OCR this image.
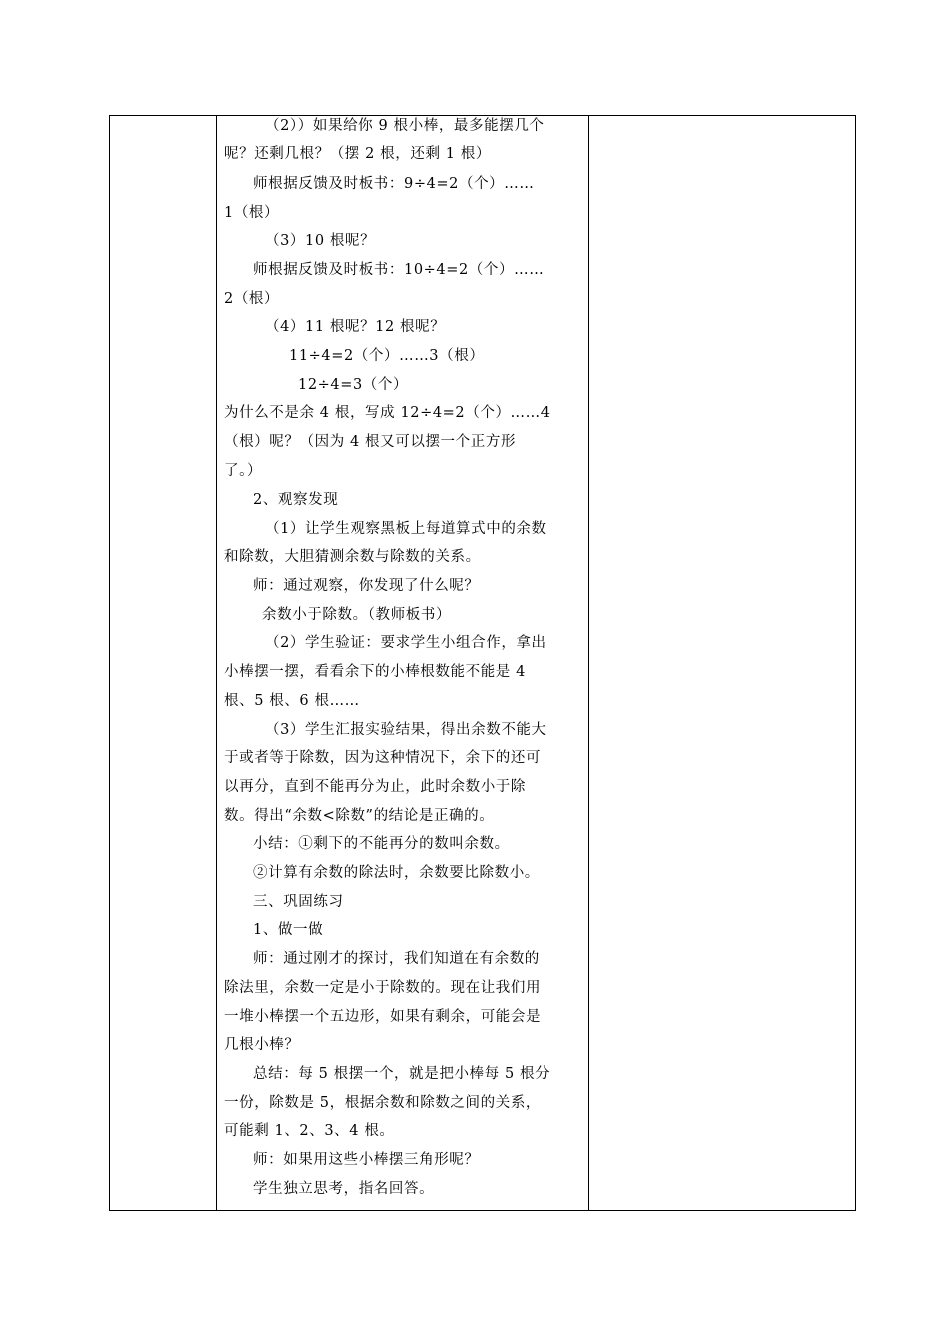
（2））如果给你 9 根小棒，最多能摆几个
呢？还剩几根？（摆 2 根，还剩 1 根）
师根据反馈及时板书：9÷4=2（个）……
1（根）
（3）10 根呢？
师根据反馈及时板书：10÷4=2（个）……
2（根）
（4）11 根呢？12 根呢？
11÷4=2（个）……3（根）
12÷4=3（个）
为什么不是余 4 根，写成 12÷4=2（个）……4
（根）呢？（因为 4 根又可以摆一个正方形
了。）
2、观察发现
（1）让学生观察黑板上每道算式中的余数
和除数，大胆猜测余数与除数的关系。
师：通过观察，你发现了什么呢？
余数小于除数。（教师板书）
（2）学生验证：要求学生小组合作，拿出
小棒摆一摆，看看余下的小棒根数能不能是 4
根、5 根、6 根……
（3）学生汇报实验结果，得出余数不能大
于或者等于除数，因为这种情况下，余下的还可
以再分，直到不能再分为止，此时余数小于除
数。得出“余数<除数”的结论是正确的。
小结：①剩下的不能再分的数叫余数。
②计算有余数的除法时，余数要比除数小。
三、巩固练习
1、做一做
师：通过刚才的探讨，我们知道在有余数的
除法里，余数一定是小于除数的。现在让我们用
一堆小棒摆一个五边形，如果有剩余，可能会是
几根小棒？
总结：每 5 根摆一个，就是把小棒每 5 根分
一份，除数是 5，根据余数和除数之间的关系，
可能剩 1、2、3、4 根。
师：如果用这些小棒摆三角形呢？
学生独立思考，指名回答。
